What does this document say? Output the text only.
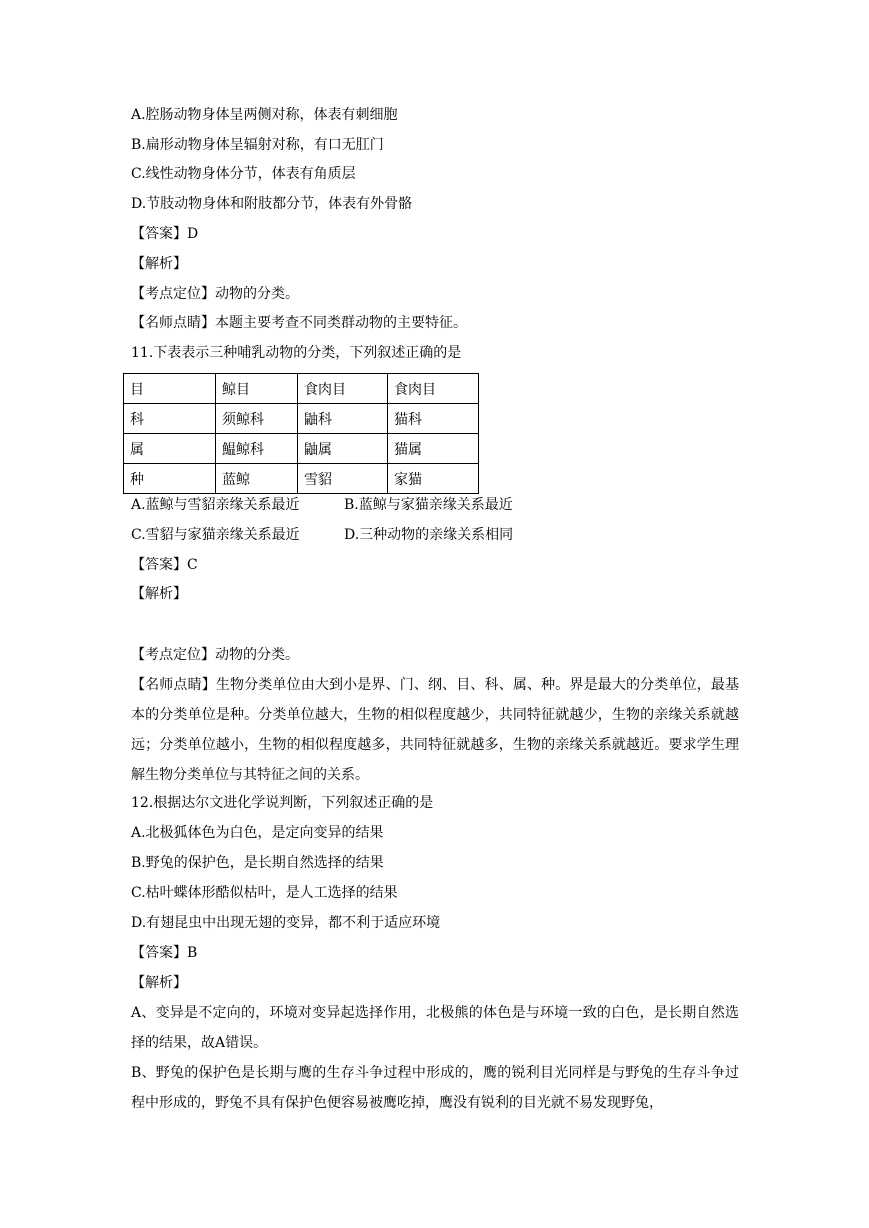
A.腔肠动物身体呈两侧对称，体表有刺细胞
B.扁形动物身体呈辐射对称，有口无肛门
C.线性动物身体分节，体表有角质层
D.节肢动物身体和附肢都分节，体表有外骨骼
【答案】D
【解析】
【考点定位】动物的分类。
【名师点睛】本题主要考查不同类群动物的主要特征。
11.下表表示三种哺乳动物的分类，下列叙述正确的是
目	鲸目	食肉目	食肉目
科	须鲸科	鼬科	猫科
属	鰛鲸科	鼬属	猫属
种	蓝鲸	雪貂	家猫
A.蓝鲸与雪貂亲缘关系最近	B.蓝鲸与家猫亲缘关系最近
C.雪貂与家猫亲缘关系最近	D.三种动物的亲缘关系相同
【答案】C
【解析】
【考点定位】动物的分类。
【名师点睛】生物分类单位由大到小是界、门、纲、目、科、属、种。界是最大的分类单位，最基本的分类单位是种。分类单位越大，生物的相似程度越少，共同特征就越少，生物的亲缘关系就越远；分类单位越小，生物的相似程度越多，共同特征就越多，生物的亲缘关系就越近。要求学生理解生物分类单位与其特征之间的关系。
12.根据达尔文进化学说判断，下列叙述正确的是
A.北极狐体色为白色，是定向变异的结果
B.野兔的保护色，是长期自然选择的结果
C.枯叶蝶体形酷似枯叶，是人工选择的结果
D.有翅昆虫中出现无翅的变异，都不利于适应环境
【答案】B
【解析】
A、变异是不定向的，环境对变异起选择作用，北极熊的体色是与环境一致的白色，是长期自然选择的结果，故A错误。
B、野兔的保护色是长期与鹰的生存斗争过程中形成的，鹰的锐利目光同样是与野兔的生存斗争过程中形成的，野兔不具有保护色便容易被鹰吃掉，鹰没有锐利的目光就不易发现野兔，
